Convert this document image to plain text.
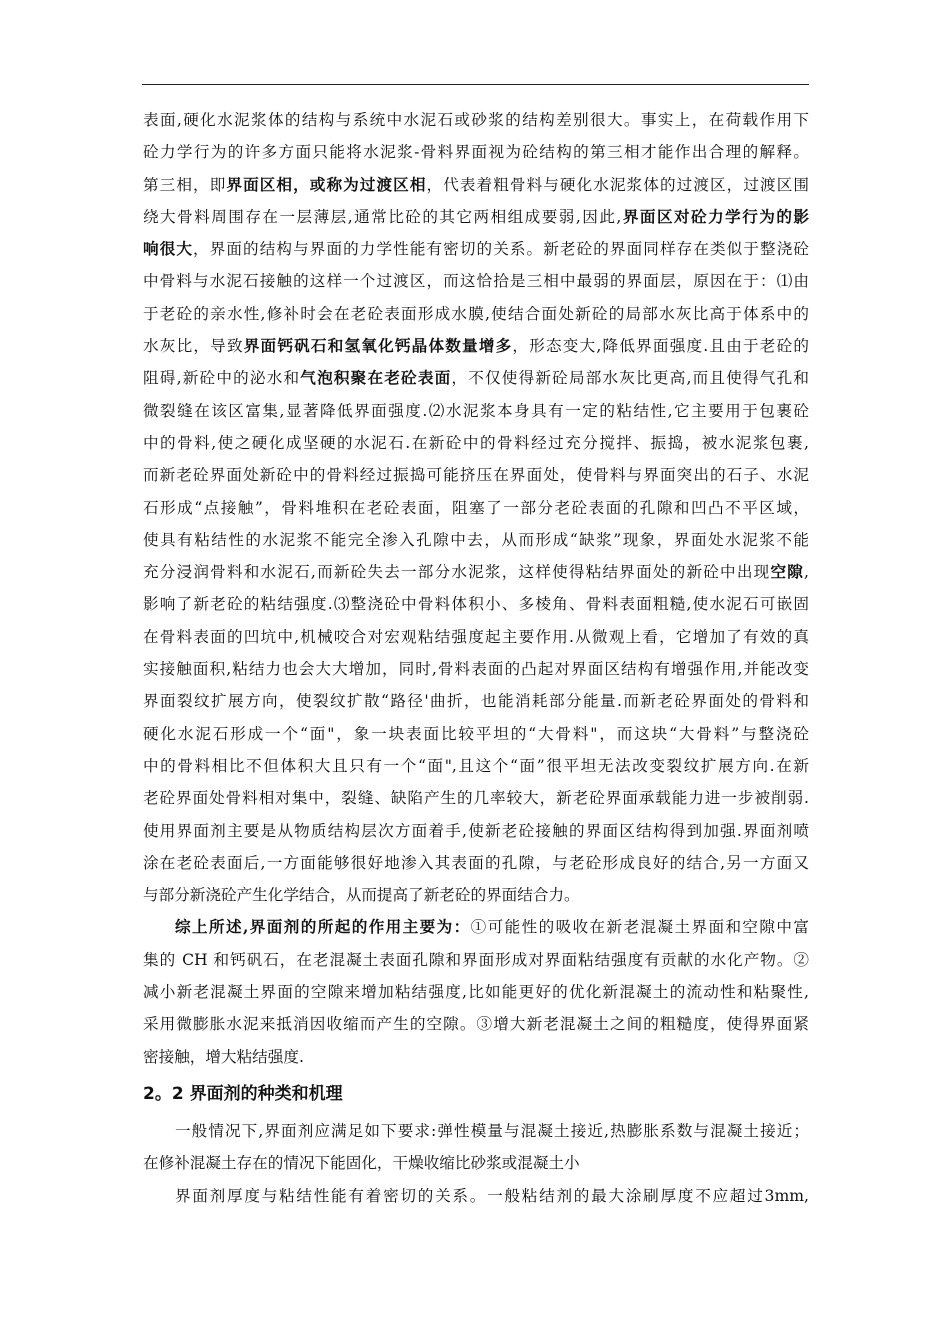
表面,硬化水泥浆体的结构与系统中水泥石或砂浆的结构差别很大。事实上，在荷载作用下
砼力学行为的许多方面只能将水泥浆-骨料界面视为砼结构的第三相才能作出合理的解释。
第三相，即界面区相，或称为过渡区相，代表着粗骨料与硬化水泥浆体的过渡区，过渡区围
绕大骨料周围存在一层薄层,通常比砼的其它两相组成要弱,因此,界面区对砼力学行为的影
响很大，界面的结构与界面的力学性能有密切的关系。新老砼的界面同样存在类似于整浇砼
中骨料与水泥石接触的这样一个过渡区，而这恰拾是三相中最弱的界面层，原因在于：⑴由
于老砼的亲水性,修补时会在老砼表面形成水膜,使结合面处新砼的局部水灰比高于体系中的
水灰比，导致界面钙矾石和氢氧化钙晶体数量增多，形态变大,降低界面强度.且由于老砼的
阻碍,新砼中的泌水和气泡积聚在老砼表面，不仅使得新砼局部水灰比更高,而且使得气孔和
微裂缝在该区富集,显著降低界面强度.⑵水泥浆本身具有一定的粘结性,它主要用于包裹砼
中的骨料,使之硬化成坚硬的水泥石.在新砼中的骨料经过充分搅拌、振捣，被水泥浆包裹,
而新老砼界面处新砼中的骨料经过振捣可能挤压在界面处，使骨料与界面突出的石子、水泥
石形成“点接触”，骨料堆积在老砼表面，阻塞了一部分老砼表面的孔隙和凹凸不平区域，
使具有粘结性的水泥浆不能完全渗入孔隙中去，从而形成“缺浆”现象，界面处水泥浆不能
充分浸润骨料和水泥石,而新砼失去一部分水泥浆，这样使得粘结界面处的新砼中出现空隙,
影响了新老砼的粘结强度.⑶整浇砼中骨料体积小、多棱角、骨料表面粗糙,使水泥石可嵌固
在骨料表面的凹坑中,机械咬合对宏观粘结强度起主要作用.从微观上看，它增加了有效的真
实接触面积,粘结力也会大大增加，同时,骨料表面的凸起对界面区结构有增强作用,并能改变
界面裂纹扩展方向，使裂纹扩散“路径'曲折，也能消耗部分能量.而新老砼界面处的骨料和
硬化水泥石形成一个“面"，象一块表面比较平坦的“大骨料"，而这块“大骨料”与整浇砼
中的骨料相比不但体积大且只有一个“面",且这个“面”很平坦无法改变裂纹扩展方向.在新
老砼界面处骨料相对集中，裂缝、缺陷产生的几率较大，新老砼界面承载能力进一步被削弱.
使用界面剂主要是从物质结构层次方面着手,使新老砼接触的界面区结构得到加强.界面剂喷
涂在老砼表面后,一方面能够很好地渗入其表面的孔隙，与老砼形成良好的结合,另一方面又
与部分新浇砼产生化学结合，从而提高了新老砼的界面结合力。
综上所述,界面剂的所起的作用主要为：①可能性的吸收在新老混凝土界面和空隙中富
集的 CH 和钙矾石，在老混凝土表面孔隙和界面形成对界面粘结强度有贡献的水化产物。②
减小新老混凝土界面的空隙来增加粘结强度,比如能更好的优化新混凝土的流动性和粘聚性,
采用微膨胀水泥来抵消因收缩而产生的空隙。③增大新老混凝土之间的粗糙度，使得界面紧
密接触，增大粘结强度.
2。2 界面剂的种类和机理
一般情况下,界面剂应满足如下要求:弹性模量与混凝土接近,热膨胀系数与混凝土接近；
在修补混凝土存在的情况下能固化，干燥收缩比砂浆或混凝土小
界面剂厚度与粘结性能有着密切的关系。一般粘结剂的最大涂刷厚度不应超过3mm,
